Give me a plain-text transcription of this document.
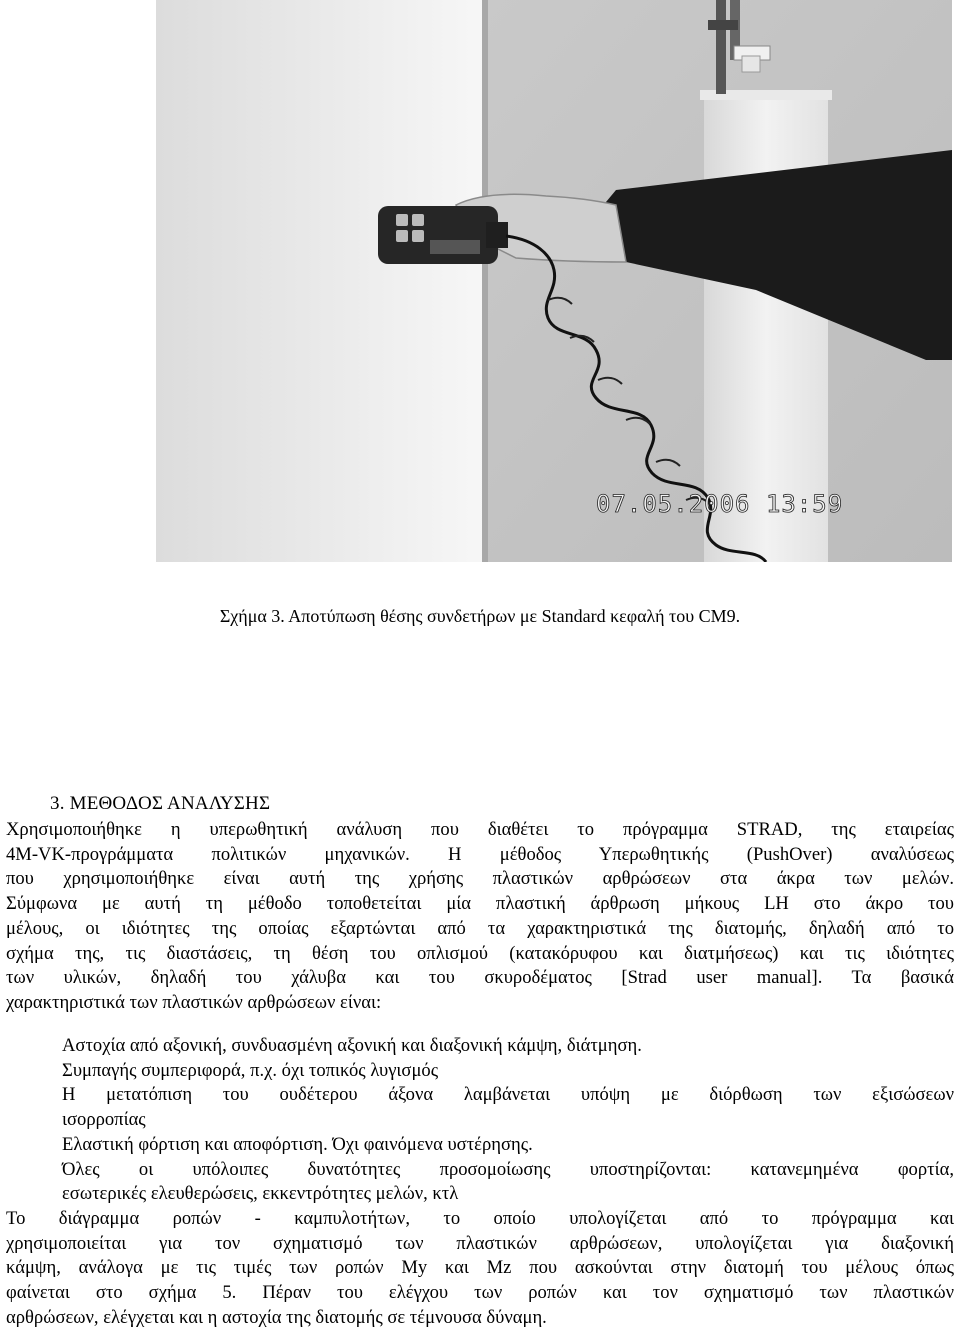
07.05.2006 13:59
Σχήμα 3. Αποτύπωση θέσης συνδετήρων με Standard κεφαλή του CM9.
3. ΜΕΘΟΔΟΣ ΑΝΑΛΥΣΗΣ

Χρησιμοποιήθηκε η υπερωθητική ανάλυση που διαθέτει το πρόγραμμα STRAD, της εταιρείας

4M-VK-προγράμματα πολιτικών μηχανικών. Η μέθοδος Υπερωθητικής (PushOver) αναλύσεως

που χρησιμοποιήθηκε είναι αυτή της χρήσης πλαστικών αρθρώσεων στα άκρα των μελών.

Σύμφωνα με αυτή τη μέθοδο τοποθετείται μία πλαστική άρθρωση μήκους LH στο άκρο του

μέλους, οι ιδιότητες της οποίας εξαρτώνται από τα χαρακτηριστικά της διατομής, δηλαδή από το

σχήμα της, τις διαστάσεις, τη θέση του οπλισμού (κατακόρυφου και διατμήσεως) και τις ιδιότητες

των υλικών, δηλαδή του χάλυβα και του σκυροδέματος [Strad user manual]. Τα βασικά

χαρακτηριστικά των πλαστικών αρθρώσεων είναι:

Αστοχία από αξονική, συνδυασμένη αξονική και διαξονική κάμψη, διάτμηση.

Συμπαγής συμπεριφορά, π.χ. όχι τοπικός λυγισμός

Η μετατόπιση του ουδέτερου άξονα λαμβάνεται υπόψη με διόρθωση των εξισώσεων

ισορροπίας

Ελαστική φόρτιση και αποφόρτιση. Όχι φαινόμενα υστέρησης.

Όλες οι υπόλοιπες δυνατότητες προσομοίωσης υποστηρίζονται: κατανεμημένα φορτία,

εσωτερικές ελευθερώσεις, εκκεντρότητες μελών, κτλ

Το διάγραμμα ροπών - καμπυλοτήτων, το οποίο υπολογίζεται από το πρόγραμμα και

χρησιμοποιείται για τον σχηματισμό των πλαστικών αρθρώσεων, υπολογίζεται για διαξονική

κάμψη, ανάλογα με τις τιμές των ροπών My και Mz που ασκούνται στην διατομή του μέλους όπως

φαίνεται στο σχήμα 5. Πέραν του ελέγχου των ροπών και τον σχηματισμό των πλαστικών

αρθρώσεων, ελέγχεται και η αστοχία της διατομής σε τέμνουσα δύναμη.
